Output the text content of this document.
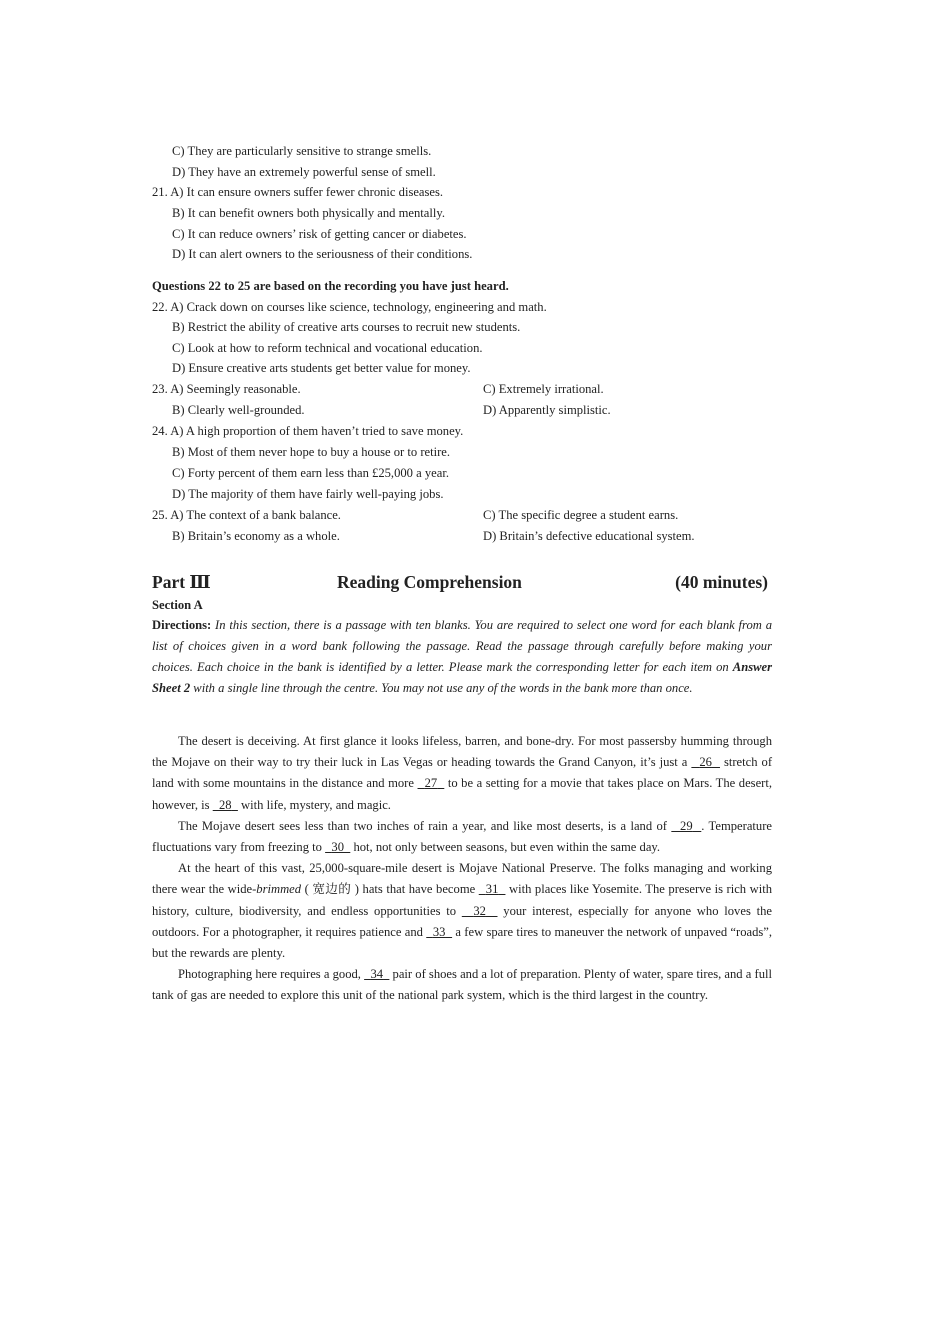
C) They are particularly sensitive to strange smells.
D) They have an extremely powerful sense of smell.
21. A) It can ensure owners suffer fewer chronic diseases.
B) It can benefit owners both physically and mentally.
C) It can reduce owners’ risk of getting cancer or diabetes.
D) It can alert owners to the seriousness of their conditions.
Questions 22 to 25 are based on the recording you have just heard.
22. A) Crack down on courses like science, technology, engineering and math.
B) Restrict the ability of creative arts courses to recruit new students.
C) Look at how to reform technical and vocational education.
D) Ensure creative arts students get better value for money.
23. A) Seemingly reasonable.	C) Extremely irrational.
B) Clearly well-grounded.	D) Apparently simplistic.
24. A) A high proportion of them haven’t tried to save money.
B) Most of them never hope to buy a house or to retire.
C) Forty percent of them earn less than £25,000 a year.
D) The majority of them have fairly well-paying jobs.
25. A) The context of a bank balance.	C) The specific degree a student earns.
B) Britain’s economy as a whole.	D) Britain’s defective educational system.
Part Ⅲ	Reading Comprehension	(40 minutes)
Section A
Directions: In this section, there is a passage with ten blanks. You are required to select one word for each blank from a list of choices given in a word bank following the passage. Read the passage through carefully before making your choices. Each choice in the bank is identified by a letter. Please mark the corresponding letter for each item on Answer Sheet 2 with a single line through the centre. You may not use any of the words in the bank more than once.

The desert is deceiving. At first glance it looks lifeless, barren, and bone-dry. For most passersby humming through the Mojave on their way to try their luck in Las Vegas or heading towards the Grand Canyon, it’s just a   26   stretch of land with some mountains in the distance and more   27   to be a setting for a movie that takes place on Mars. The desert, however, is   28   with life, mystery, and magic.

The Mojave desert sees less than two inches of rain a year, and like most deserts, is a land of   29 . Temperature fluctuations vary from freezing to   30   hot, not only between seasons, but even within the same day.

At the heart of this vast, 25,000-square-mile desert is Mojave National Preserve. The folks managing and working there wear the wide-brimmed ( 宽边的 ) hats that have become   31   with places like Yosemite. The preserve is rich with history, culture, biodiversity, and endless opportunities to   32   your interest, especially for anyone who loves the outdoors. For a photographer, it requires patience and   33   a few spare tires to maneuver the network of unpaved “roads”, but the rewards are plenty.

Photographing here requires a good,   34   pair of shoes and a lot of preparation. Plenty of water, spare tires, and a full tank of gas are needed to explore this unit of the national park system, which is the third largest in the country.
